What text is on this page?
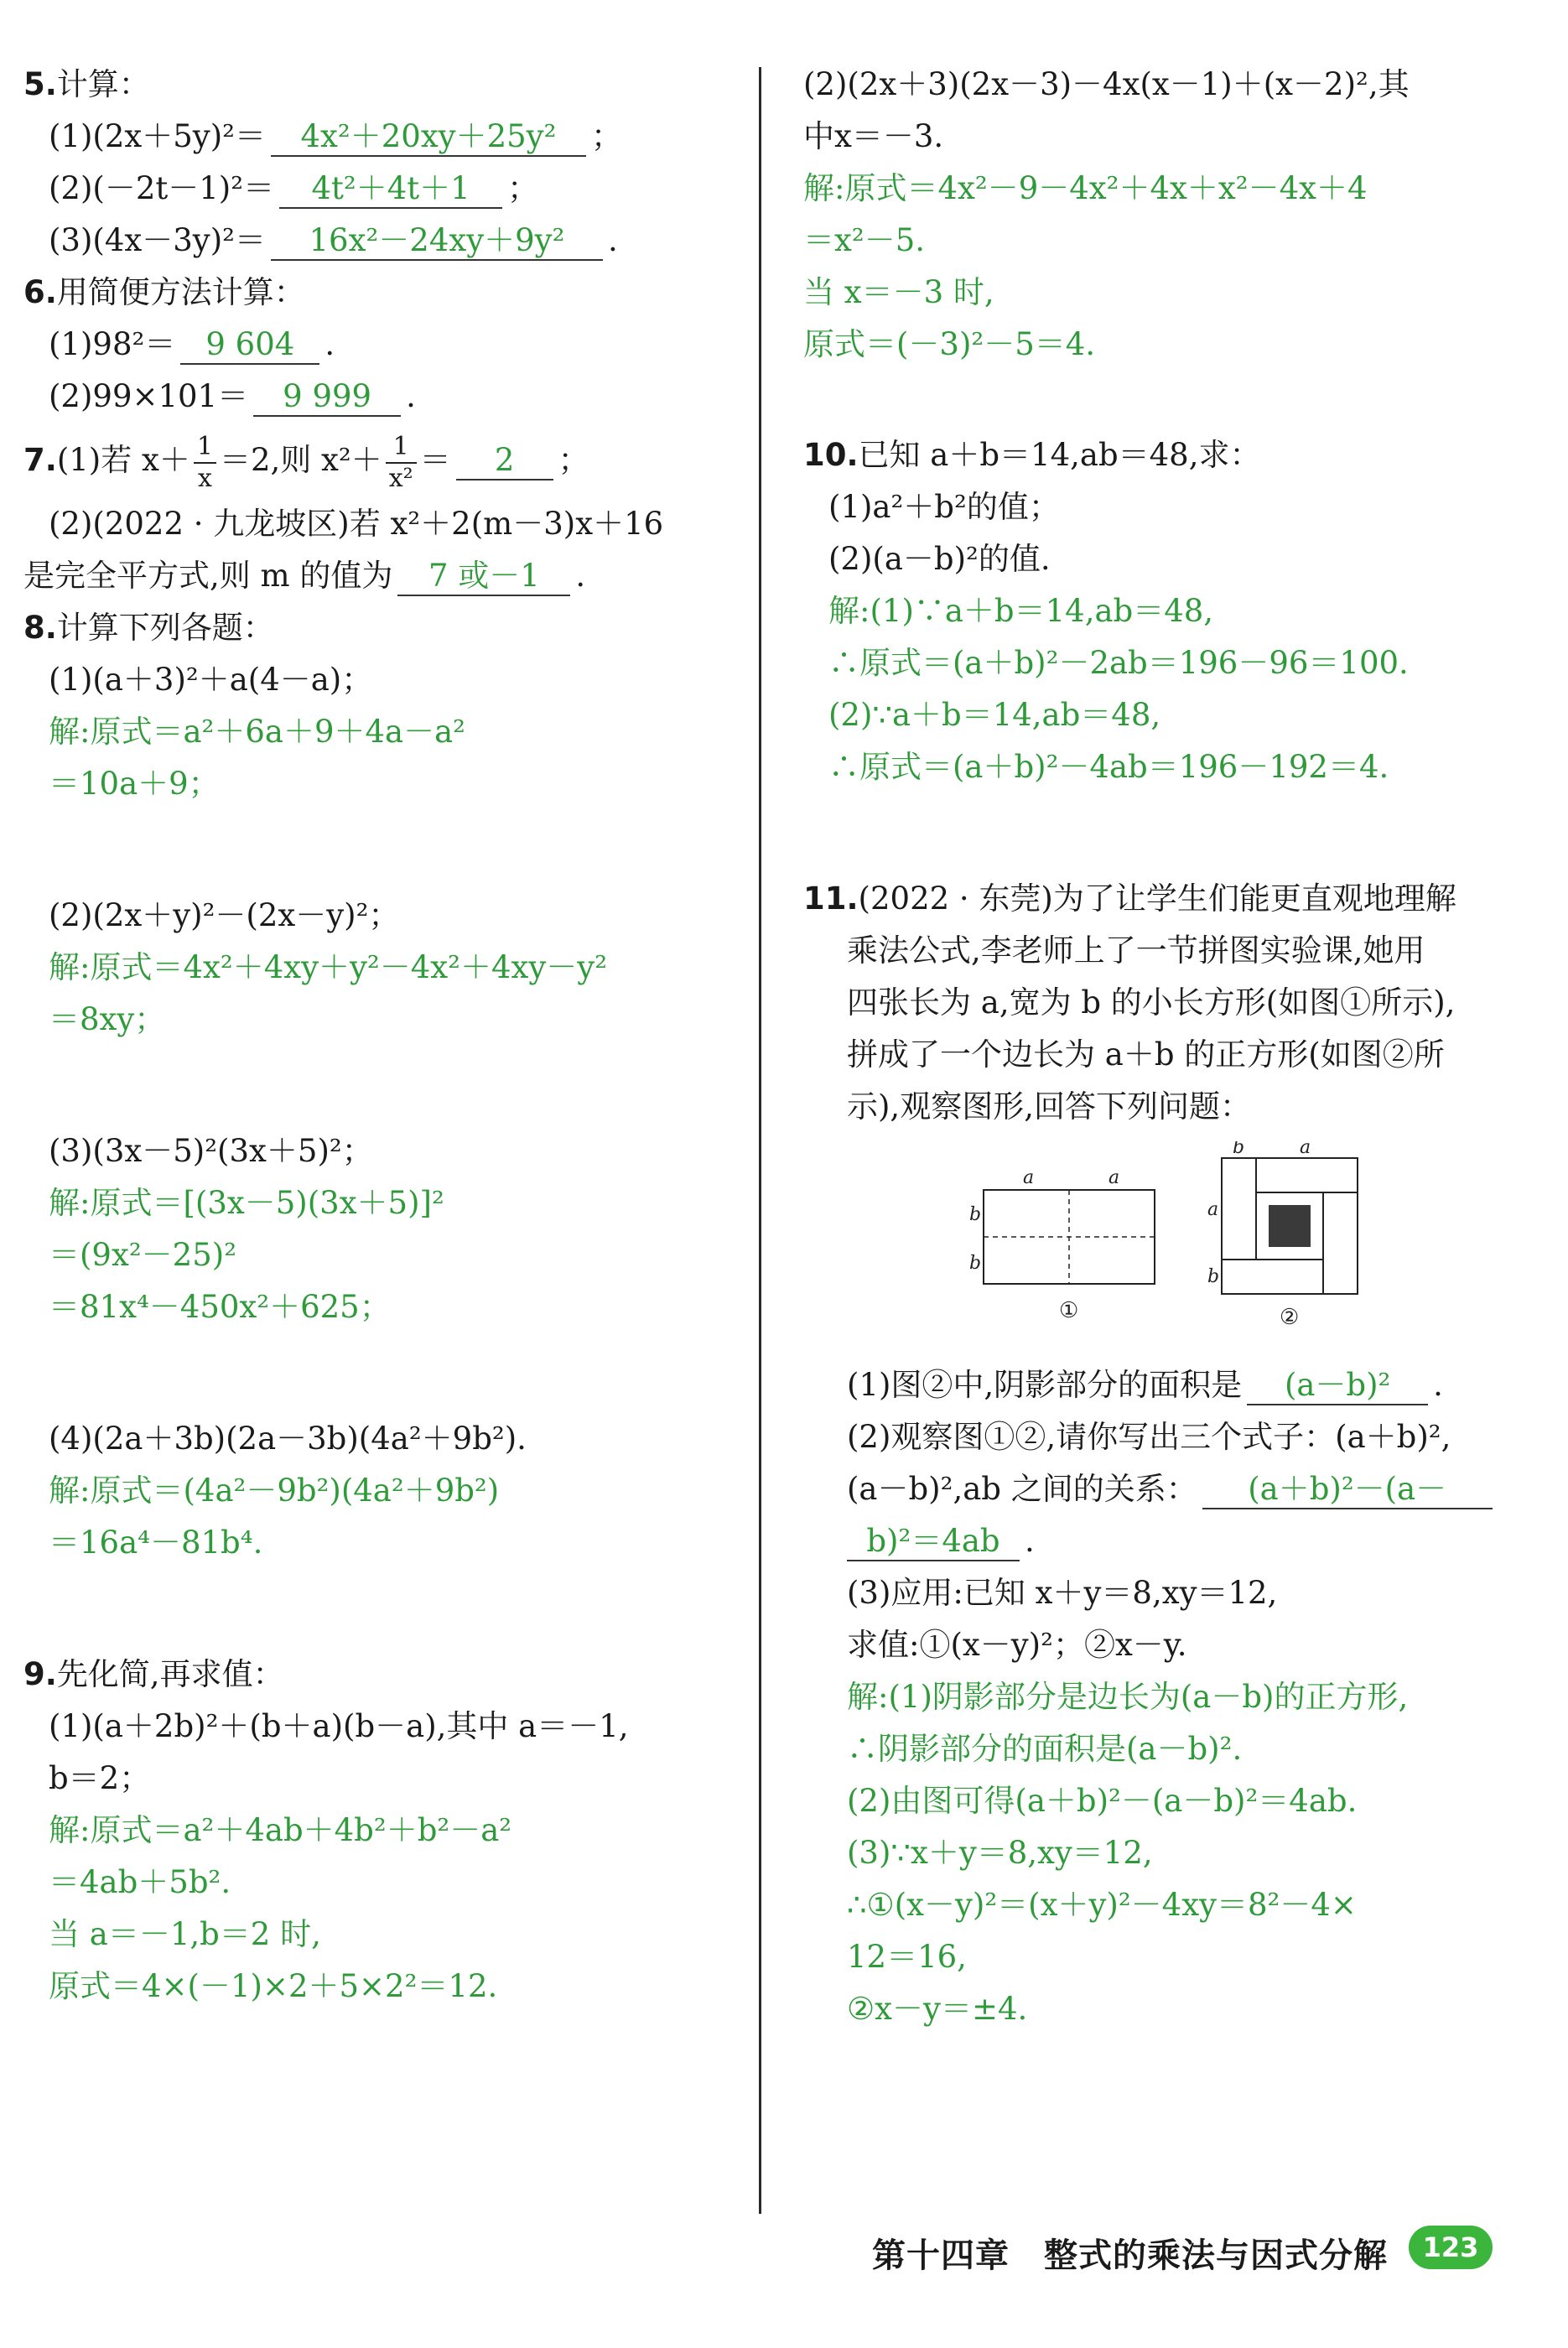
5.计算：
(1)(2x＋5y)²＝ 4x²＋20xy＋25y² ；
(2)(－2t－1)²＝ 4t²＋4t＋1 ；
(3)(4x－3y)²＝ 16x²－24xy＋9y² .
6.用简便方法计算：
(1)98²＝ 9 604 .
(2)99×101＝ 9 999 .
7.(1)若 $x+ \frac{1}{x} =2$,则 $x^2+ \frac{1}{\text{x²}} = 2$ ；
(2)(2022 · 九龙坡区)若 x²＋2(m－3)x＋16
是完全平方式,则 m 的值为 7 或－1 .
8.计算下列各题：
(1)(a＋3)²＋a(4－a)；
解:原式＝a²＋6a＋9＋4a－a²
＝10a＋9；
(2)(2x＋y)²－(2x－y)²；
解:原式＝4x²＋4xy＋y²－4x²＋4xy－y²
＝8xy；
(3)(3x－5)²(3x＋5)²；
解:原式＝[(3x－5)(3x＋5)]²
＝(9x²－25)²
＝81x⁴－450x²＋625；
(4)(2a＋3b)(2a－3b)(4a²＋9b²).
解:原式＝(4a²－9b²)(4a²＋9b²)
＝16a⁴－81b⁴.
9.先化简,再求值：
(1)(a＋2b)²＋(b＋a)(b－a),其中 a＝－1,
b＝2；
解:原式＝a²＋4ab＋4b²＋b²－a²
＝4ab＋5b².
当 a＝－1,b＝2 时,
原式＝4×(－1)×2＋5×2²＝12.
(2)(2x＋3)(2x－3)－4x(x－1)＋(x－2)²,其
中x＝－3.
解:原式＝4x²－9－4x²＋4x＋x²－4x＋4
＝x²－5.
当 x＝－3 时,
原式＝(－3)²－5＝4.
10.已知 a＋b＝14,ab＝48,求：
(1)a²＋b²的值；
(2)(a－b)²的值.
解:(1)∵a＋b＝14,ab＝48,
∴原式＝(a＋b)²－2ab＝196－96＝100.
(2)∵a＋b＝14,ab＝48,
∴原式＝(a＋b)²－4ab＝196－192＝4.
11.(2022 · 东莞)为了让学生们能更直观地理解
乘法公式,李老师上了一节拼图实验课,她用
四张长为 a,宽为 b 的小长方形(如图①所示),
拼成了一个边长为 a＋b 的正方形(如图②所
示),观察图形,回答下列问题：
a	a
b
b
①
b	a
a
b
②
(1)图②中,阴影部分的面积是 (a－b)² .
(2)观察图①②,请你写出三个式子：(a＋b)²,
(a－b)²,ab 之间的关系： (a＋b)²－(a－
b)²＝4ab .
(3)应用:已知 x＋y＝8,xy＝12,
求值:①(x－y)²；②x－y.
解:(1)阴影部分是边长为(a－b)的正方形,
∴阴影部分的面积是(a－b)².
(2)由图可得(a＋b)²－(a－b)²＝4ab.
(3)∵x＋y＝8,xy＝12,
∴①(x－y)²＝(x＋y)²－4xy＝8²－4×
12＝16,
②x－y＝±4.
第十四章　整式的乘法与因式分解	123
